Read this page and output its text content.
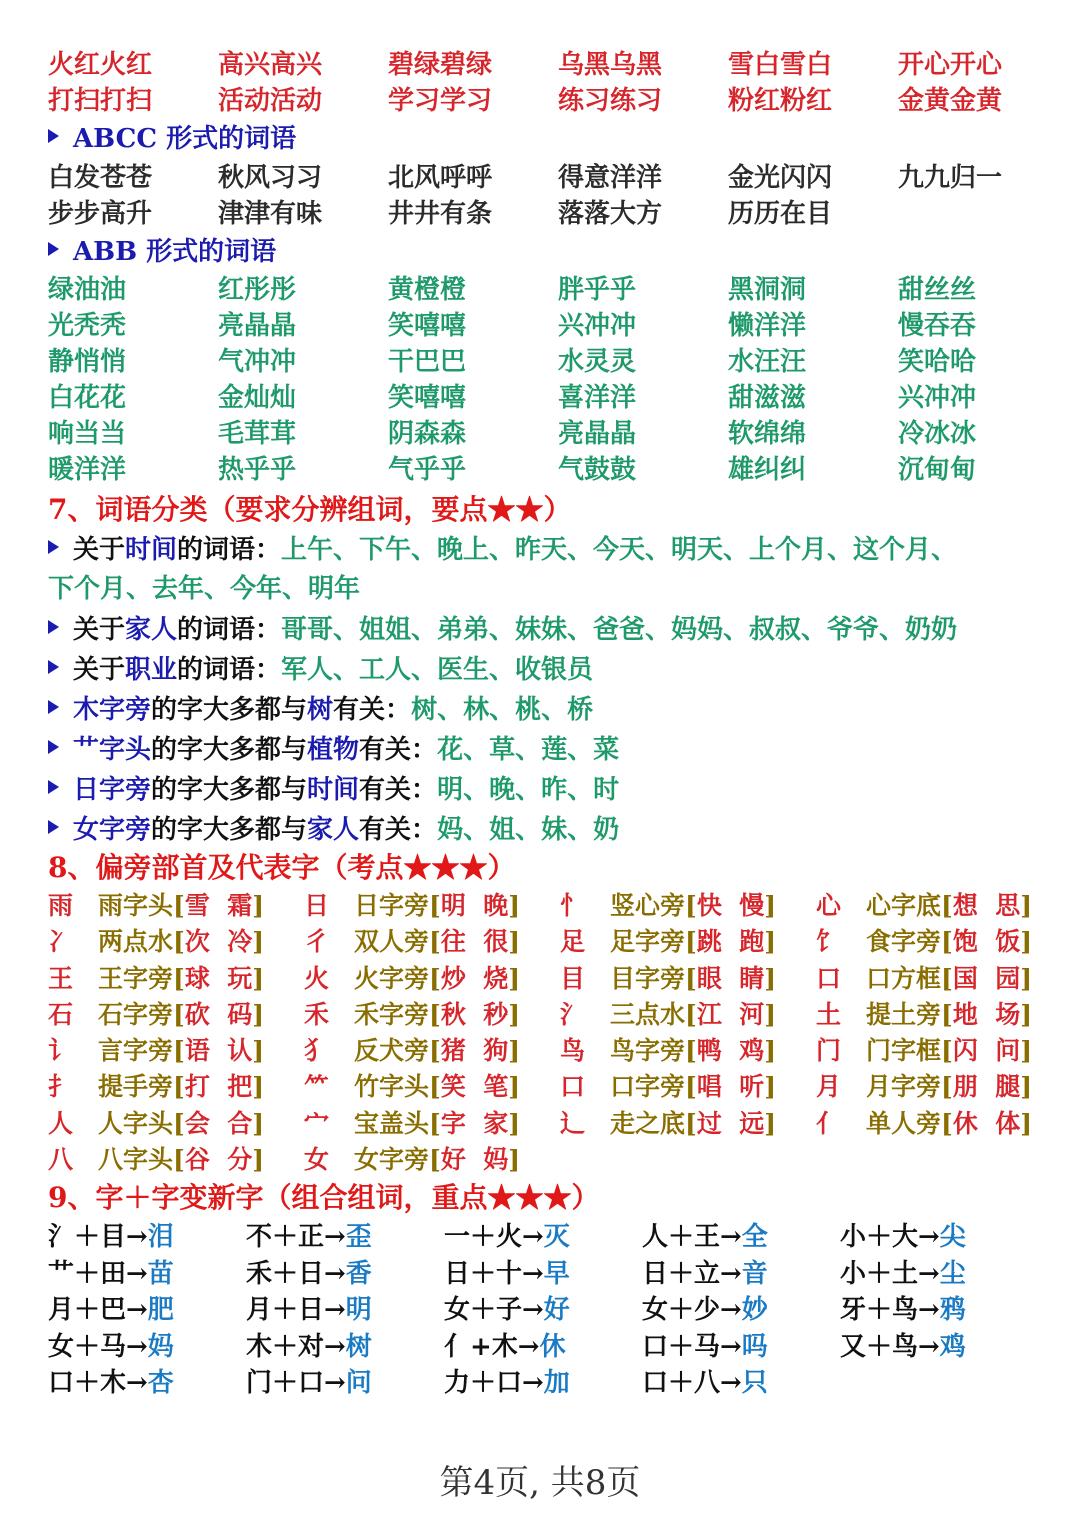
火红火红	高兴高兴	碧绿碧绿	乌黑乌黑	雪白雪白	开心开心
打扫打扫	活动活动	学习学习	练习练习	粉红粉红	金黄金黄
ABCC 形式的词语
白发苍苍	秋风习习	北风呼呼	得意洋洋	金光闪闪	九九归一
步步高升	津津有味	井井有条	落落大方	历历在目
ABB 形式的词语
绿油油	红彤彤	黄橙橙	胖乎乎	黑洞洞	甜丝丝
光秃秃	亮晶晶	笑嘻嘻	兴冲冲	懒洋洋	慢吞吞
静悄悄	气冲冲	干巴巴	水灵灵	水汪汪	笑哈哈
白花花	金灿灿	笑嘻嘻	喜洋洋	甜滋滋	兴冲冲
响当当	毛茸茸	阴森森	亮晶晶	软绵绵	冷冰冰
暖洋洋	热乎乎	气乎乎	气鼓鼓	雄纠纠	沉甸甸
7、词语分类（要求分辨组词，要点★★）
关于时间的词语：上午、下午、晚上、昨天、今天、明天、上个月、这个月、
下个月、去年、今年、明年
关于家人的词语：哥哥、姐姐、弟弟、妹妹、爸爸、妈妈、叔叔、爷爷、奶奶
关于职业的词语：军人、工人、医生、收银员
木字旁的字大多都与树有关：树、林、桃、桥
艹字头的字大多都与植物有关：花、草、莲、菜
日字旁的字大多都与时间有关：明、晚、昨、时
女字旁的字大多都与家人有关：妈、姐、妹、奶
8、偏旁部首及代表字（考点★★★）
雨 雨字头[雪  霜]	日 日字旁[明  晚]	忄 竖心旁[快  慢]	心 心字底[想  思]
冫 两点水[次  冷]	彳 双人旁[往  很]	足 足字旁[跳  跑]	饣 食字旁[饱  饭]
王 王字旁[球  玩]	火 火字旁[炒  烧]	目 目字旁[眼  睛]	口 口方框[国  园]
石 石字旁[砍  码]	禾 禾字旁[秋  秒]	氵 三点水[江  河]	土 提土旁[地  场]
讠 言字旁[语  认]	犭 反犬旁[猪  狗]	鸟 鸟字旁[鸭  鸡]	门 门字框[闪  问]
扌 提手旁[打  把]	⺮ 竹字头[笑  笔]	口 口字旁[唱  听]	月 月字旁[朋  腿]
人 人字头[会  合]	宀 宝盖头[字  家]	辶 走之底[过  远]	亻 单人旁[休  体]
八 八字头[谷  分]	女 女字旁[好  妈]
9、字＋字变新字（组合组词，重点★★★）
氵＋目→泪	不＋正→歪	一＋火→灭	人＋王→全	小＋大→尖
艹＋田→苗	禾＋日→香	日＋十→早	日＋立→音	小＋土→尘
月＋巴→肥	月＋日→明	女＋子→好	女＋少→妙	牙＋鸟→鸦
女＋马→妈	木＋对→树	亻+木→休	口＋马→吗	又＋鸟→鸡
口＋木→杏	门＋口→问	力＋口→加	口＋八→只
第4页, 共8页
